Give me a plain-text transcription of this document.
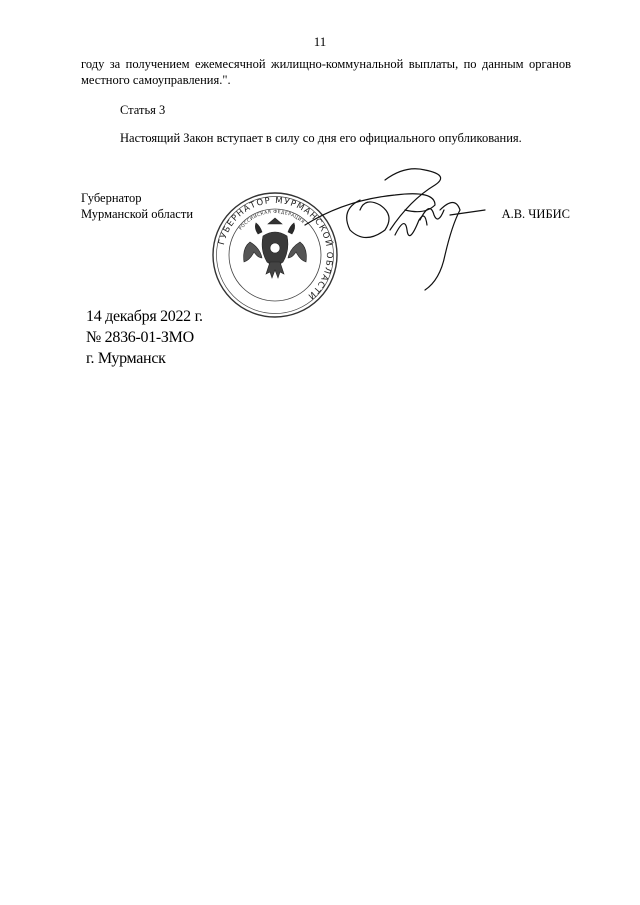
11
году за получением ежемесячной жилищно-коммунальной выплаты, по данным органов местного самоуправления.".
Статья 3
Настоящий Закон вступает в силу со дня его официального опубликования.
Губернатор
Мурманской области	А.В. ЧИБИС
ГУБЕРНАТОР МУРМАНСКОЙ ОБЛАСТИ
РОССИЙСКАЯ ФЕДЕРАЦИЯ
14 декабря 2022 г.
№ 2836-01-ЗМО
г. Мурманск
